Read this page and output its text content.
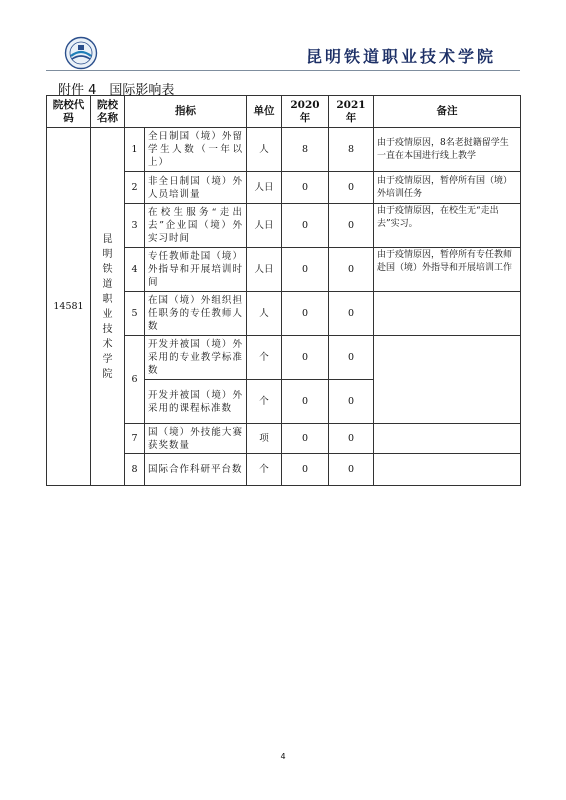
昆明铁道职业技术学院
附件 4　国际影响表
院校代码	院校名称	指标		单位	2020 年	2021 年	备注
14581	昆明铁道职业技术学院	1	全日制国（境）外留学生人数（一年以上）	人	8	8	由于疫情原因，8名老挝籍留学生一直在本国进行线上教学
		2	非全日制国（境）外人员培训量	人日	0	0	由于疫情原因，暂停所有国（境）外培训任务
		3	在校生服务“走出去”企业国（境）外实习时间	人日	0	0	由于疫情原因，在校生无“走出去”实习。
		4	专任教师赴国（境）外指导和开展培训时间	人日	0	0	由于疫情原因，暂停所有专任教师赴国（境）外指导和开展培训工作
		5	在国（境）外组织担任职务的专任教师人数	人	0	0	
		6	开发并被国（境）外采用的专业教学标准数	个	0	0	
			开发并被国（境）外采用的课程标准数	个	0	0	
		7	国（境）外技能大赛获奖数量	项	0	0	
		8	国际合作科研平台数	个	0	0	
4
